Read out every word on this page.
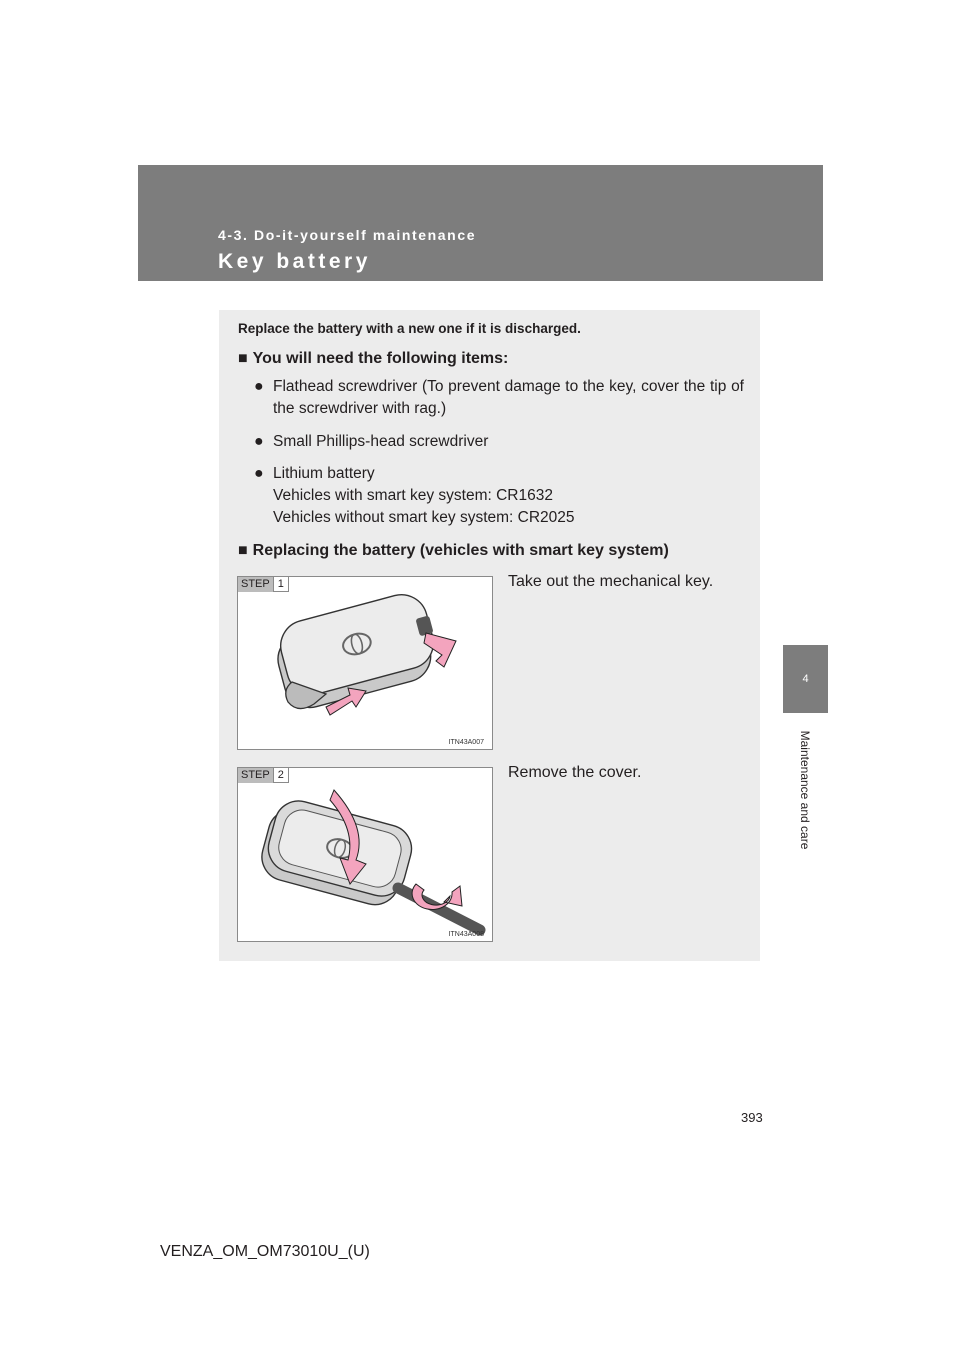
4-3. Do-it-yourself maintenance
Key battery
4
Maintenance and care
Replace the battery with a new one if it is discharged.
■ You will need the following items:
● Flathead screwdriver (To prevent damage to the key, cover the tip of the screwdriver with rag.)
● Small Phillips-head screwdriver
● Lithium battery
Vehicles with smart key system: CR1632
Vehicles without smart key system: CR2025
■ Replacing the battery (vehicles with smart key system)
STEP 1
ITN43A007
Take out the mechanical key.
STEP 2
ITN43A008
Remove the cover.
393
VENZA_OM_OM73010U_(U)
